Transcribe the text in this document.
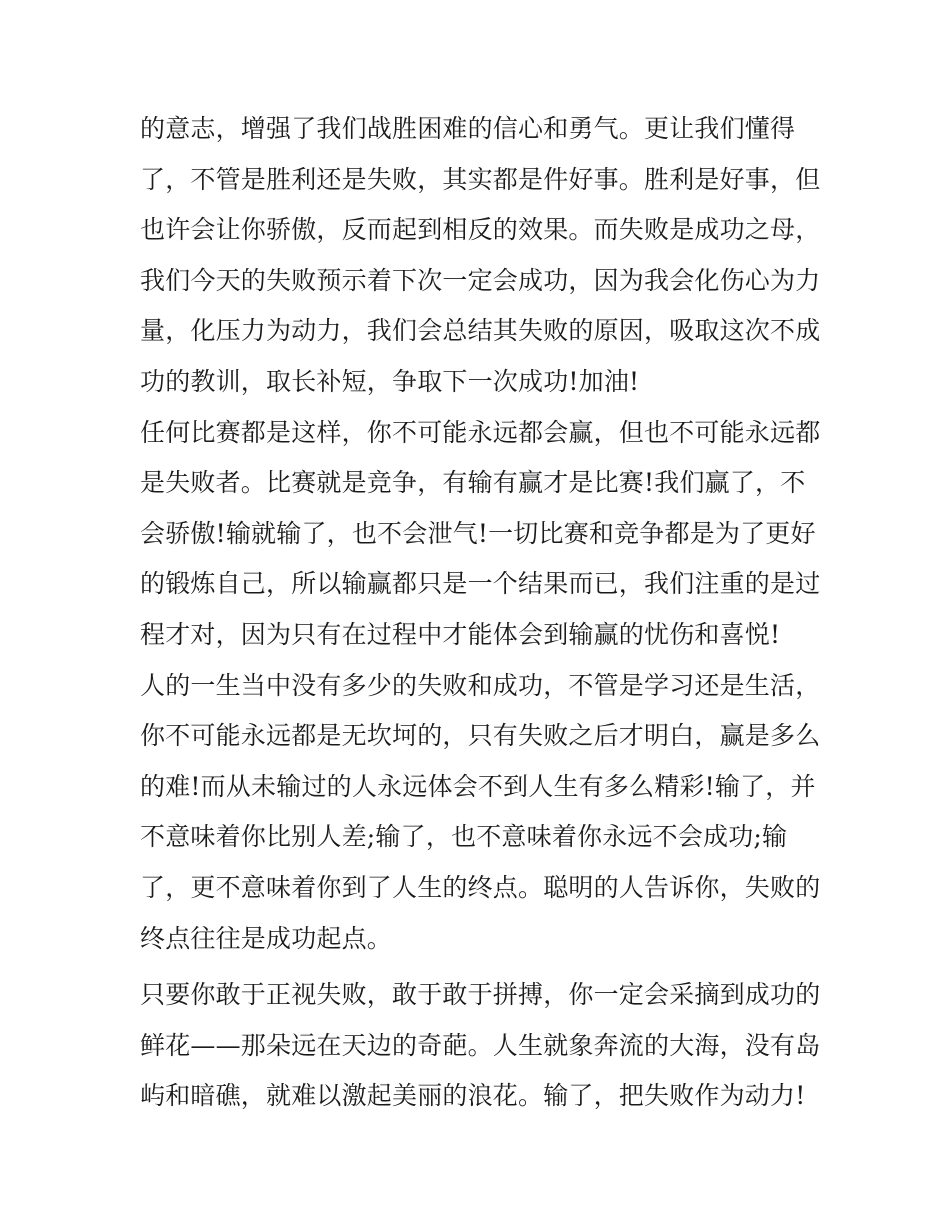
的意志，增强了我们战胜困难的信心和勇气。更让我们懂得
了，不管是胜利还是失败，其实都是件好事。胜利是好事，但
也许会让你骄傲，反而起到相反的效果。而失败是成功之母，
我们今天的失败预示着下次一定会成功，因为我会化伤心为力
量，化压力为动力，我们会总结其失败的原因，吸取这次不成
功的教训，取长补短，争取下一次成功!加油!

任何比赛都是这样，你不可能永远都会赢，但也不可能永远都
是失败者。比赛就是竞争，有输有赢才是比赛!我们赢了，不
会骄傲!输就输了，也不会泄气!一切比赛和竞争都是为了更好
的锻炼自己，所以输赢都只是一个结果而已，我们注重的是过
程才对，因为只有在过程中才能体会到输赢的忧伤和喜悦!

人的一生当中没有多少的失败和成功，不管是学习还是生活，
你不可能永远都是无坎坷的，只有失败之后才明白，赢是多么
的难!而从未输过的人永远体会不到人生有多么精彩!输了，并
不意味着你比别人差;输了，也不意味着你永远不会成功;输
了，更不意味着你到了人生的终点。聪明的人告诉你，失败的
终点往往是成功起点。

只要你敢于正视失败，敢于敢于拼搏，你一定会采摘到成功的
鲜花——那朵远在天边的奇葩。人生就象奔流的大海，没有岛
屿和暗礁，就难以激起美丽的浪花。输了，把失败作为动力!
